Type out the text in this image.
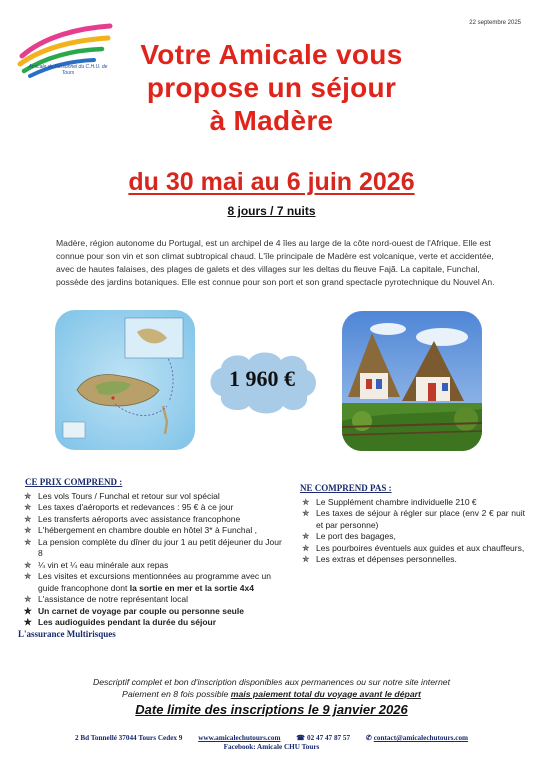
Amicale du Personnel du C.H.U. de Tours
22 septembre 2025
Votre Amicale vous
propose un séjour
à Madère
du 30 mai au 6 juin 2026
8 jours / 7 nuits
Madère, région autonome du Portugal, est un archipel de 4 îles au large de la côte nord-ouest de l'Afrique. Elle est connue pour son vin et son climat subtropical chaud. L'île principale de Madère est volcanique, verte et accidentée, avec de hautes falaises, des plages de galets et des villages sur les deltas du fleuve Fajã. La capitale, Funchal, possède des jardins botaniques. Elle est connue pour son port et son grand spectacle pyrotechnique du Nouvel An.
1 960 €
CE PRIX COMPREND :
✯ Les vols Tours / Funchal et retour sur vol spécial
✯ Les taxes d'aéroports et redevances : 95 € à ce jour
✯ Les transferts aéroports avec assistance francophone
✯ L'hébergement en chambre double en hôtel 3* à Funchal ,
✯ La pension complète du dîner du jour 1 au petit déjeuner du Jour 8
✯ ¼ vin et ¼ eau minérale aux repas
✯ Les visites et excursions mentionnées au programme avec un guide francophone dont la sortie en mer et la sortie 4x4
✯ L'assistance de notre représentant local
✯ Un carnet de voyage par couple ou personne seule
✯ Les audioguides pendant la durée du séjour
L'assurance Multirisques
NE COMPREND PAS :
✯ Le Supplément chambre individuelle 210 €
✯ Les taxes de séjour à régler sur place (env 2 € par nuit et par personne)
✯ Le port des bagages,
✯ Les pourboires éventuels aux guides et aux chauffeurs,
✯ Les extras et dépenses personnelles.
Descriptif complet et bon d'inscription disponibles aux permanences ou sur notre site internet
Paiement en 8 fois possible mais paiement total du voyage avant le départ
Date limite des inscriptions le 9 janvier 2026
2 Bd Tonnellé 37044 Tours Cedex 9 www.amicalechutours.com ☎ 02 47 47 87 57 ✆ contact@amicalechutours.com
Facebook: Amicale CHU Tours
